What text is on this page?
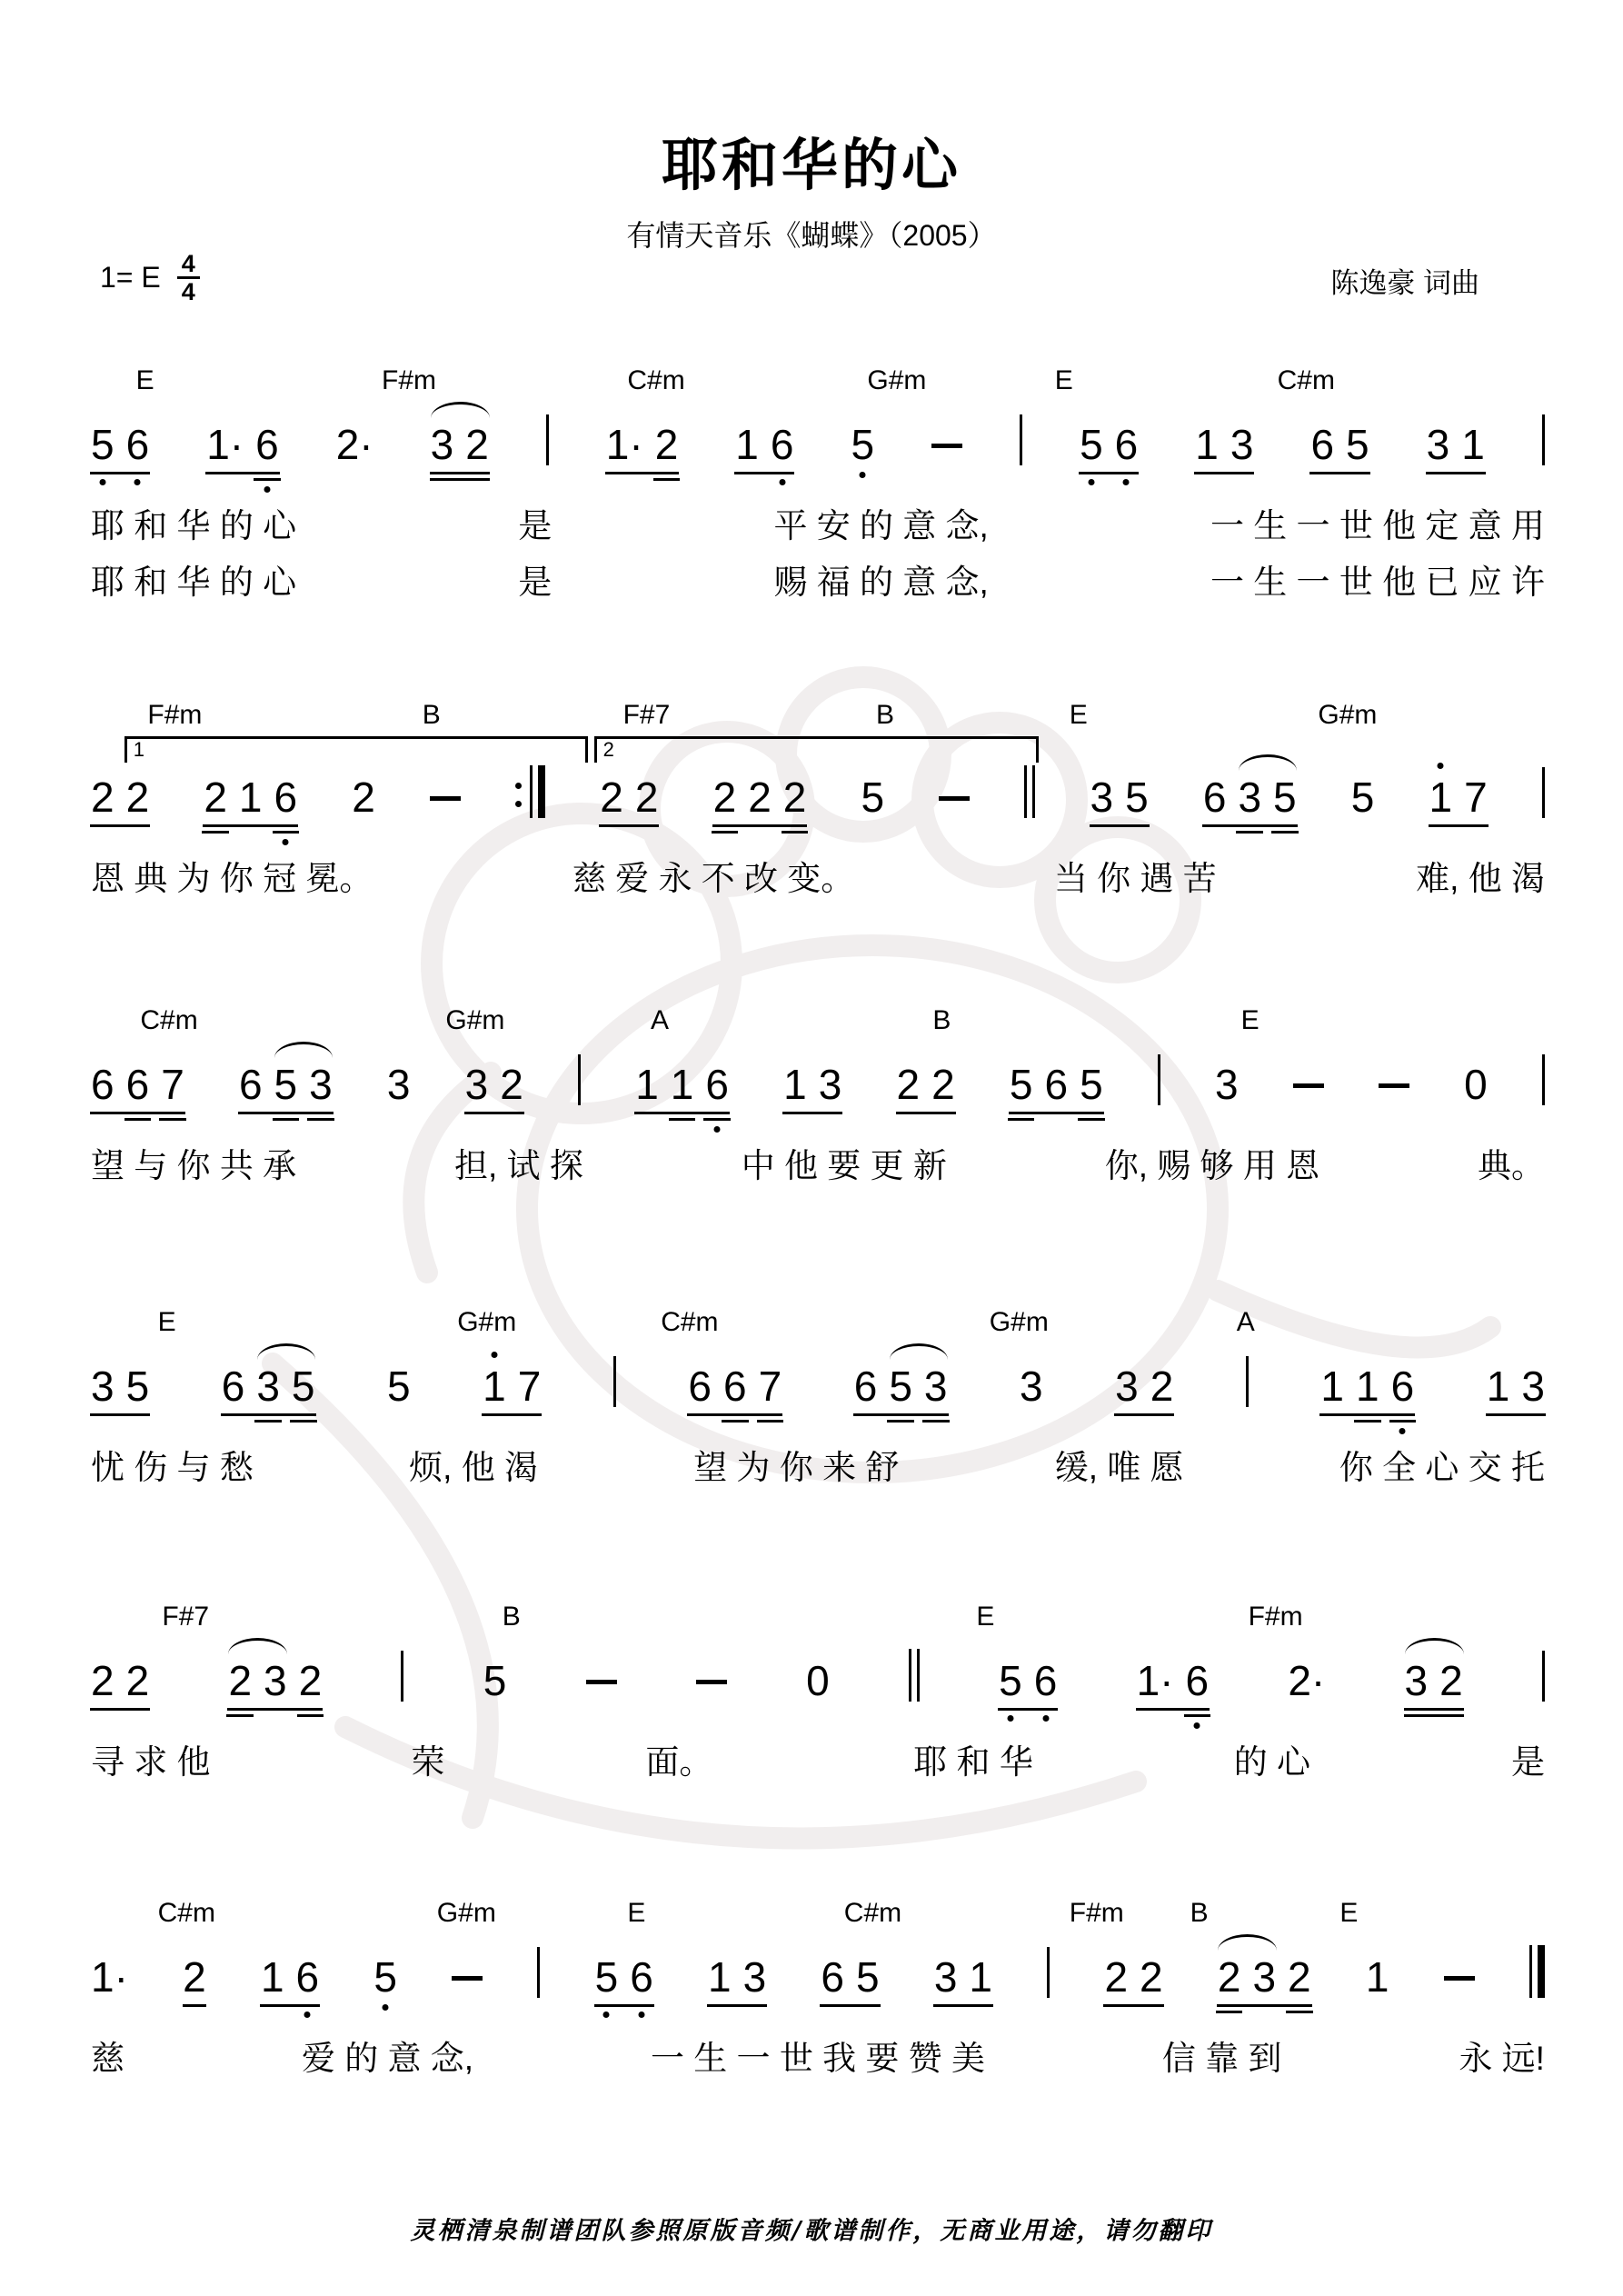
耶和华的心
有情天音乐《蝴蝶》（2005）
1= E $\frac{4}{4}$	陈逸豪 词曲
E	F#m	C#m	G#m	E	C#m
5 6 1· 6 2· 3 2	1· 2 1 6 5	5 6 1 3 6 5 3 1
耶 和 华 的 心	是	平 安 的 意 念,	一 生 一 世 他 定 意 用
耶 和 华 的 心	是	赐 福 的 意 念,	一 生 一 世 他 已 应 许
F#m	B	F#7	B	E	G#m
1	2
2 2 2 1 6 2	2 2 2 2 2 5	3 5 6 3 5 5 1 7
恩 典 为 你 冠 冕。	慈 爱 永 不 改 变。	当 你 遇 苦	难, 他 渴
C#m	G#m	A	B	E
6 6 7 6 5 3 3 3 2	1 1 6 1 3 2 2 5 6 5	3	0
望 与 你 共 承	担, 试 探	中 他 要 更 新	你, 赐 够 用 恩	典。
E	G#m	C#m	G#m	A
3 5 6 3 5 5 1 7	6 6 7 6 5 3 3 3 2	1 1 6 1 3
忧 伤 与 愁	烦, 他 渴	望 为 你 来 舒	缓, 唯 愿	你 全 心 交 托
F#7	B	E	F#m
2 2 2 3 2	5	0	5 6 1· 6 2· 3 2
寻 求 他	荣	面。	耶 和 华	的 心	是
C#m	G#m	E	C#m	F#m B	E
1· 2 1 6 5	5 6 1 3 6 5 3 1	2 2 2 3 2 1
慈	爱 的 意 念,	一 生 一 世 我 要 赞 美	信 靠 到	永 远!
灵栖清泉制谱团队参照原版音频/歌谱制作，无商业用途，请勿翻印
